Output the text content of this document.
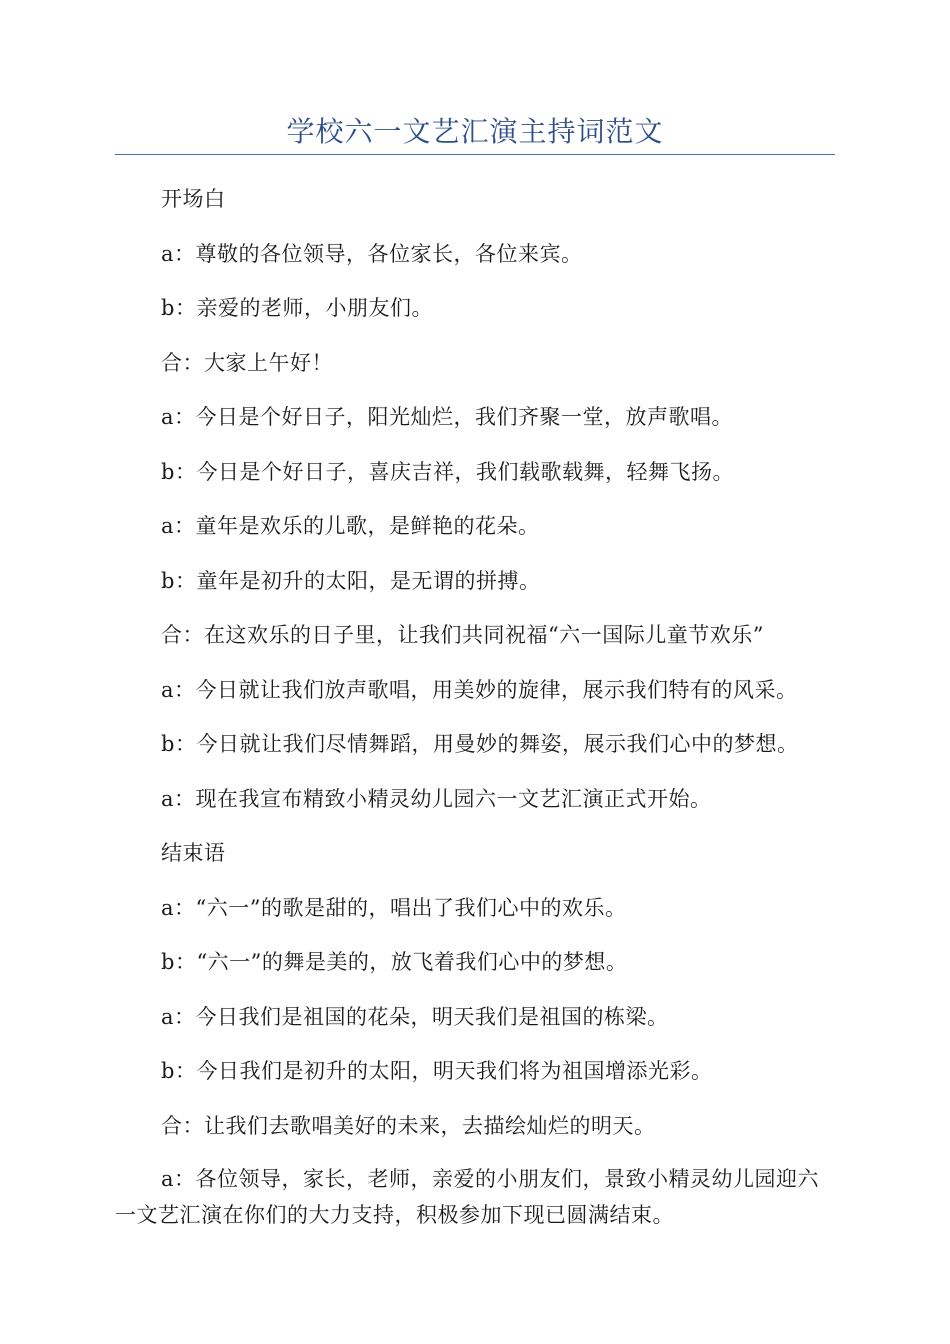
学校六一文艺汇演主持词范文

开场白

a：尊敬的各位领导，各位家长，各位来宾。

b：亲爱的老师，小朋友们。

合：大家上午好！

a：今日是个好日子，阳光灿烂，我们齐聚一堂，放声歌唱。

b：今日是个好日子，喜庆吉祥，我们载歌载舞，轻舞飞扬。

a：童年是欢乐的儿歌，是鲜艳的花朵。

b：童年是初升的太阳，是无谓的拼搏。

合：在这欢乐的日子里，让我们共同祝福“六一国际儿童节欢乐”

a：今日就让我们放声歌唱，用美妙的旋律，展示我们特有的风采。

b：今日就让我们尽情舞蹈，用曼妙的舞姿，展示我们心中的梦想。

a：现在我宣布精致小精灵幼儿园六一文艺汇演正式开始。

结束语

a：“六一”的歌是甜的，唱出了我们心中的欢乐。

b：“六一”的舞是美的，放飞着我们心中的梦想。

a：今日我们是祖国的花朵，明天我们是祖国的栋梁。

b：今日我们是初升的太阳，明天我们将为祖国增添光彩。

合：让我们去歌唱美好的未来，去描绘灿烂的明天。

a：各位领导，家长，老师，亲爱的小朋友们，景致小精灵幼儿园迎六一文艺汇演在你们的大力支持，积极参加下现已圆满结束。
